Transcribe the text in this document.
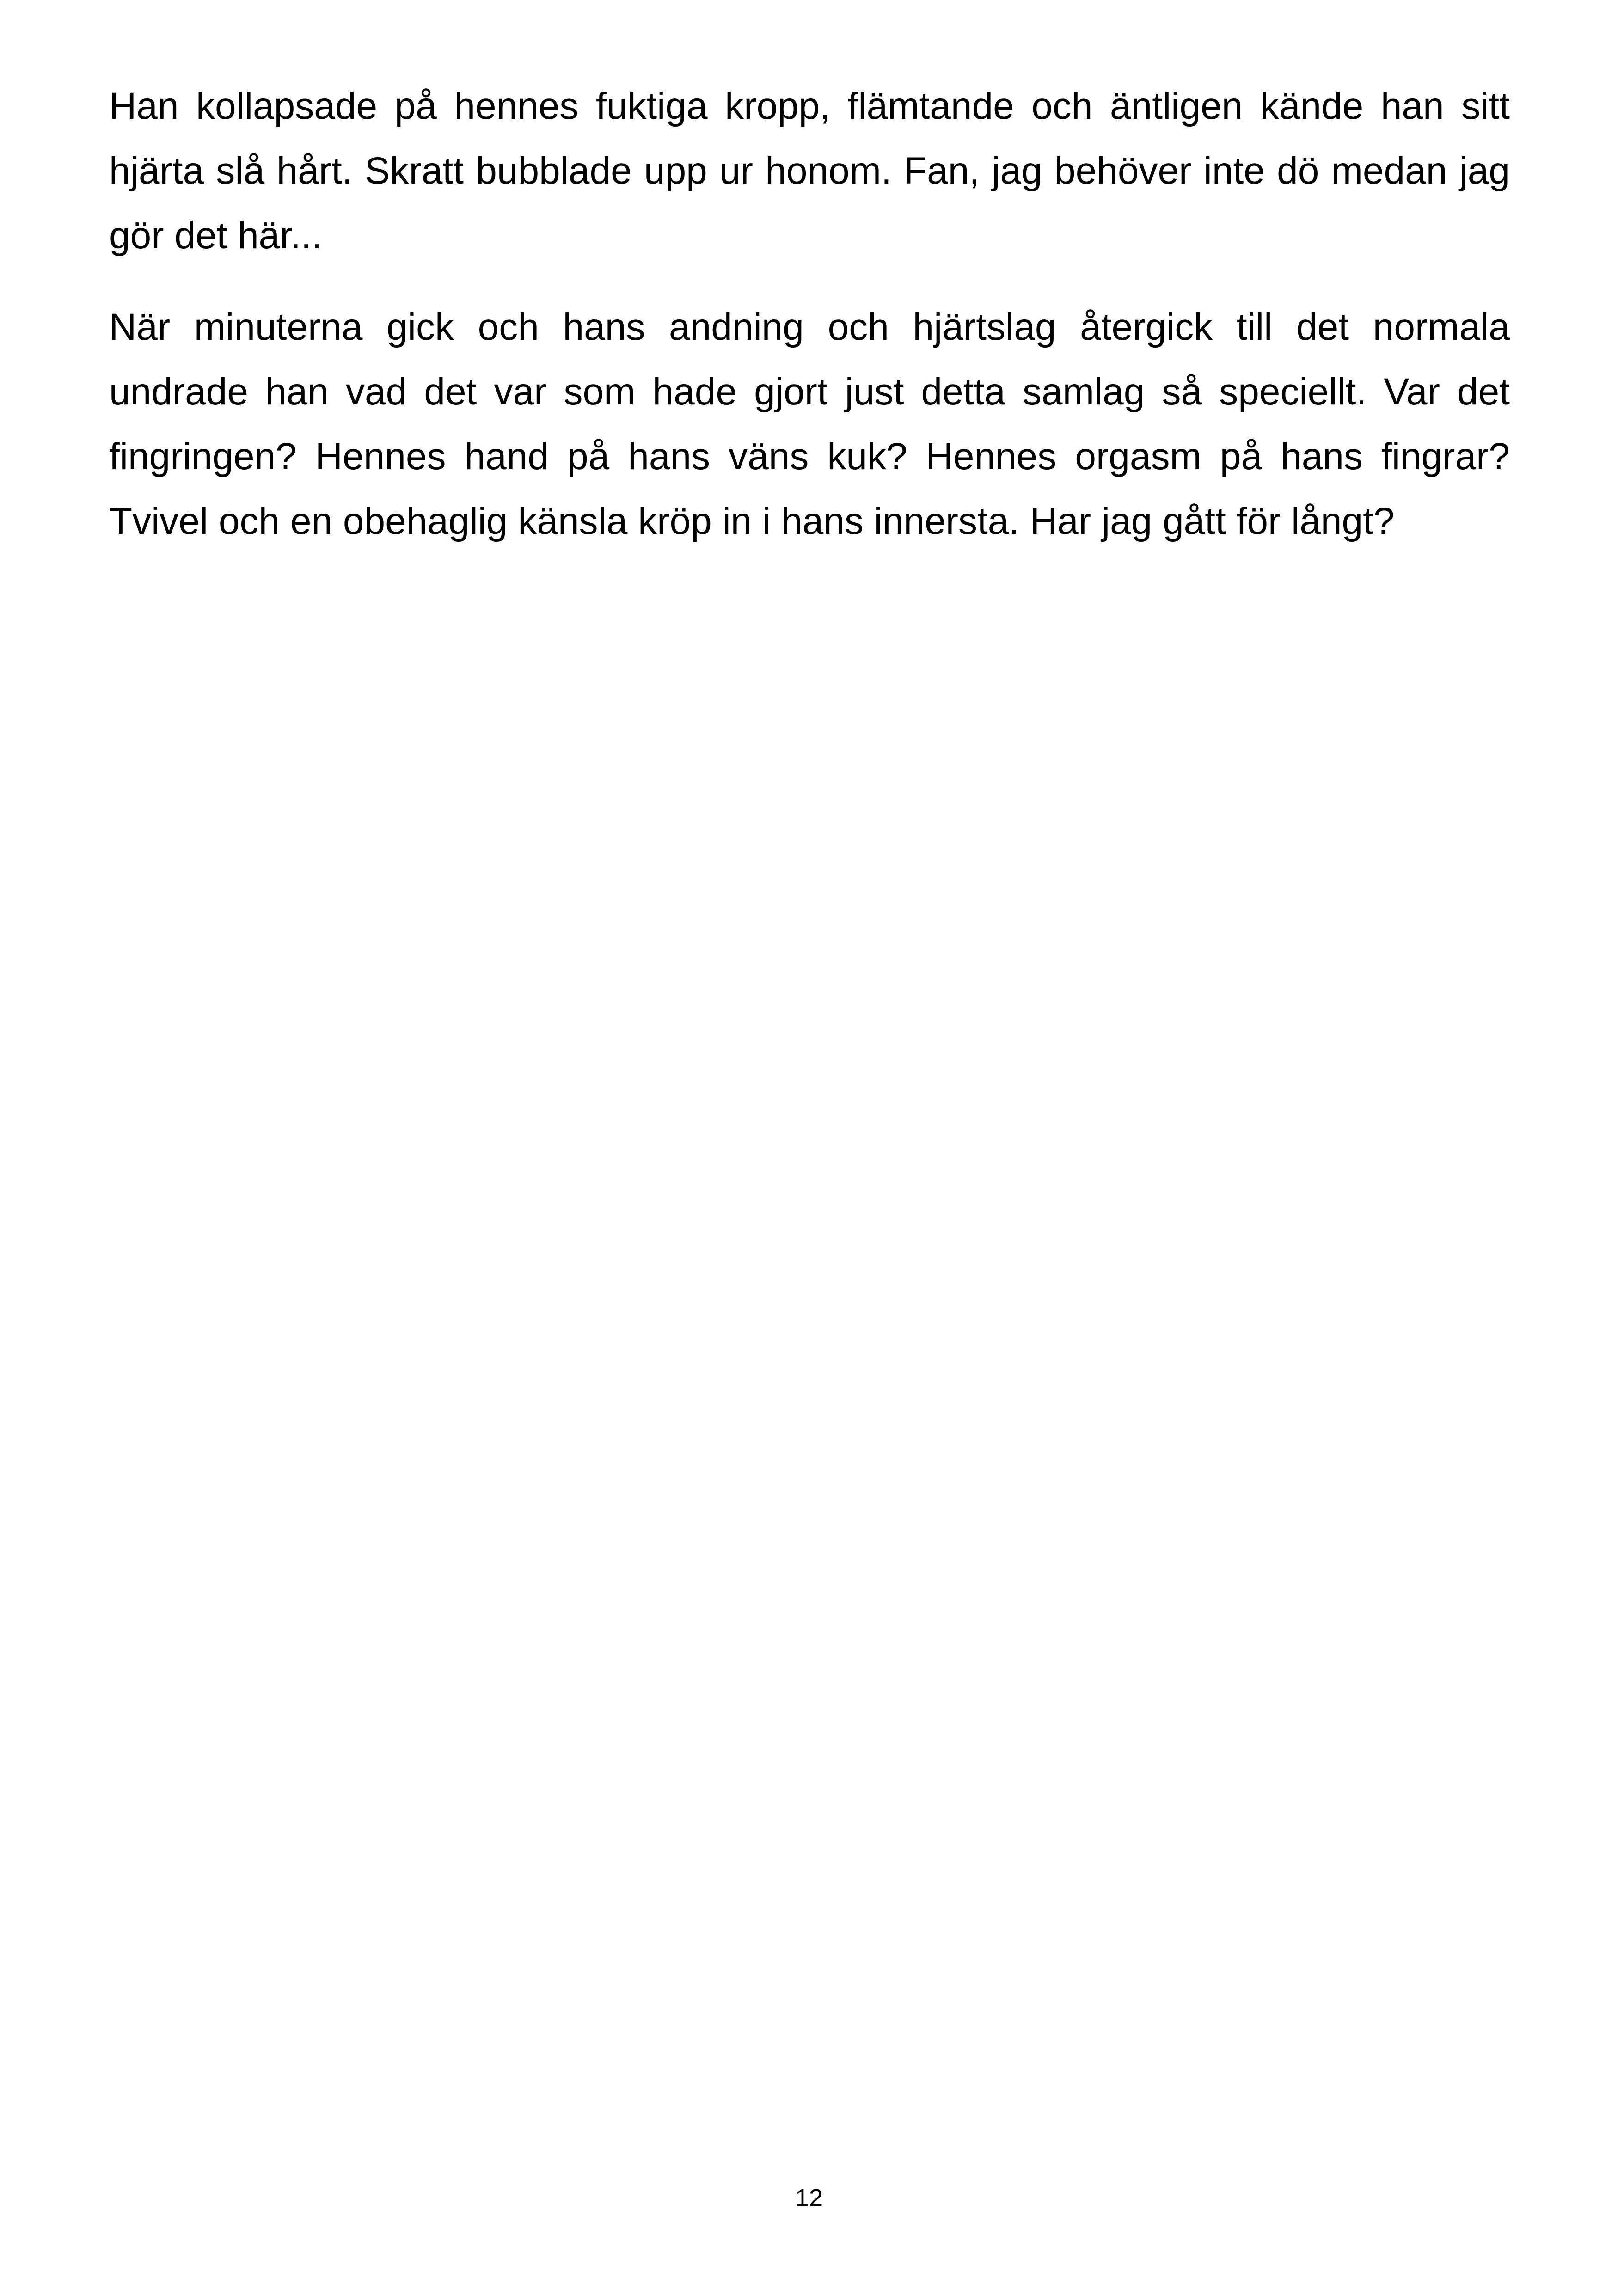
Han kollapsade på hennes fuktiga kropp, flämtande och äntligen kände han sitt hjärta slå hårt. Skratt bubblade upp ur honom. Fan, jag behöver inte dö medan jag gör det här...

När minuterna gick och hans andning och hjärtslag återgick till det normala undrade han vad det var som hade gjort just detta samlag så speciellt. Var det fingringen? Hennes hand på hans väns kuk? Hennes orgasm på hans fingrar? Tvivel och en obehaglig känsla kröp in i hans innersta. Har jag gått för långt?

12
